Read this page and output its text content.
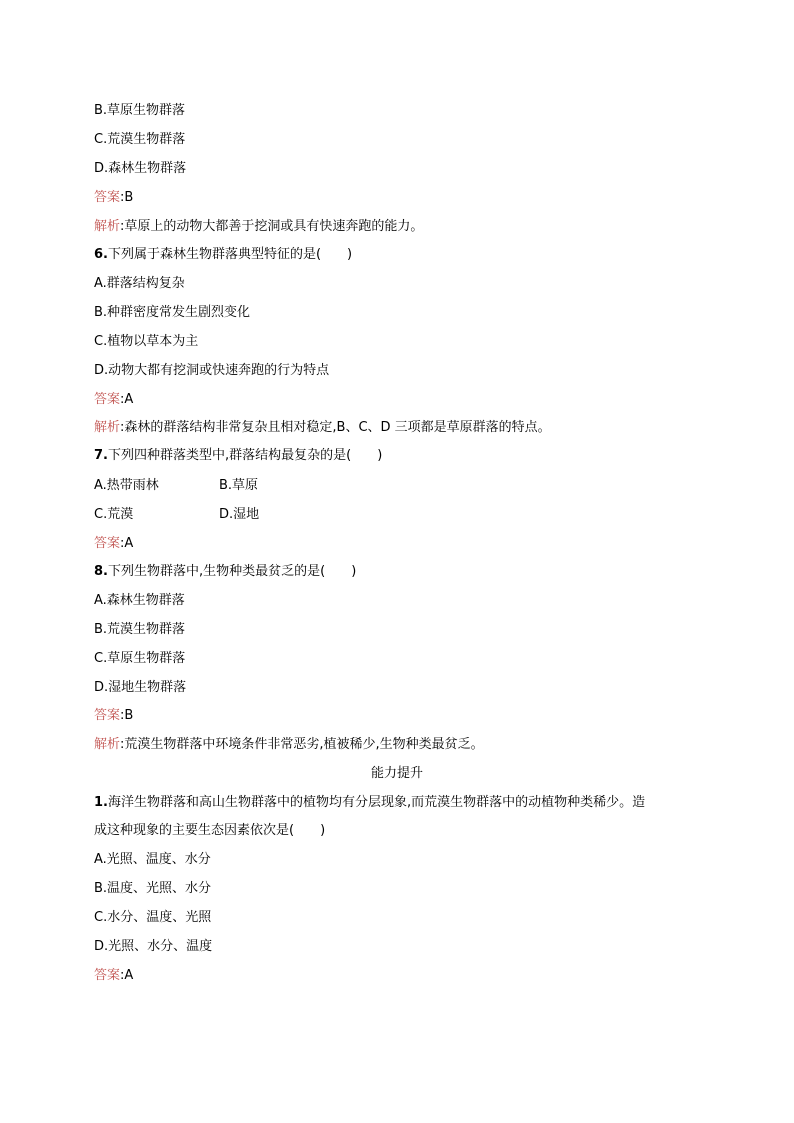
B.草原生物群落
C.荒漠生物群落
D.森林生物群落
答案:B
解析:草原上的动物大都善于挖洞或具有快速奔跑的能力。
6.下列属于森林生物群落典型特征的是(　　)
A.群落结构复杂
B.种群密度常发生剧烈变化
C.植物以草本为主
D.动物大都有挖洞或快速奔跑的行为特点
答案:A
解析:森林的群落结构非常复杂且相对稳定,B、C、D 三项都是草原群落的特点。
7.下列四种群落类型中,群落结构最复杂的是(　　)
A.热带雨林	B.草原
C.荒漠	D.湿地
答案:A
8.下列生物群落中,生物种类最贫乏的是(　　)
A.森林生物群落
B.荒漠生物群落
C.草原生物群落
D.湿地生物群落
答案:B
解析:荒漠生物群落中环境条件非常恶劣,植被稀少,生物种类最贫乏。
能力提升
1.海洋生物群落和高山生物群落中的植物均有分层现象,而荒漠生物群落中的动植物种类稀少。造
成这种现象的主要生态因素依次是(　　)
A.光照、温度、水分
B.温度、光照、水分
C.水分、温度、光照
D.光照、水分、温度
答案:A
